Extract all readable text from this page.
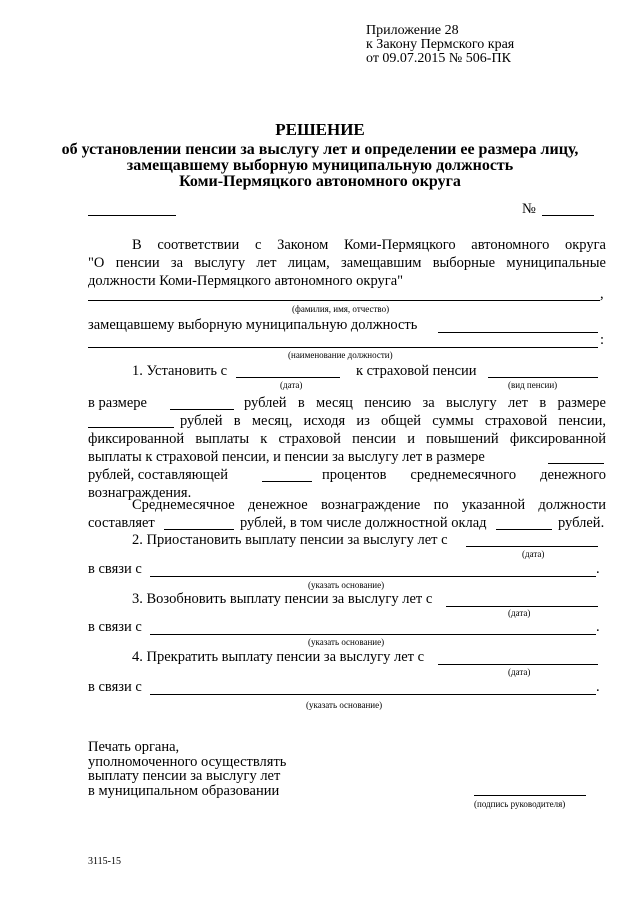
Приложение 28
к Закону Пермского края
от 09.07.2015 № 506-ПК
РЕШЕНИЕ
об установлении пенсии за выслугу лет и определении ее размера лицу,
замещавшему выборную муниципальную должность
Коми-Пермяцкого автономного округа
№
В соответствии с Законом Коми-Пермяцкого автономного округа
"О пенсии за выслугу лет лицам, замещавшим выборные муниципальные
должности Коми-Пермяцкого автономного округа"
,
(фамилия, имя, отчество)
замещавшему выборную муниципальную должность
:
(наименование должности)
1. Установить с	к страховой пенсии
(дата)	(вид пенсии)
в размере	рублей в месяц пенсию за выслугу лет в размере
рублей в месяц, исходя из общей суммы страховой пенсии,
фиксированной выплаты к страховой пенсии и повышений фиксированной
выплаты к страховой пенсии, и пенсии за выслугу лет в размере
рублей, составляющей	процентов среднемесячного денежного
вознаграждения.
Среднемесячное денежное вознаграждение по указанной должности
составляет	рублей, в том числе должностной оклад	рублей.
2. Приостановить выплату пенсии за выслугу лет с
(дата)
в связи с	.
(указать основание)
3. Возобновить выплату пенсии за выслугу лет с
(дата)
в связи с	.
(указать основание)
4. Прекратить выплату пенсии за выслугу лет с
(дата)
в связи с	.
(указать основание)
Печать органа,
уполномоченного осуществлять
выплату пенсии за выслугу лет
в муниципальном образовании
(подпись руководителя)
3115-15
